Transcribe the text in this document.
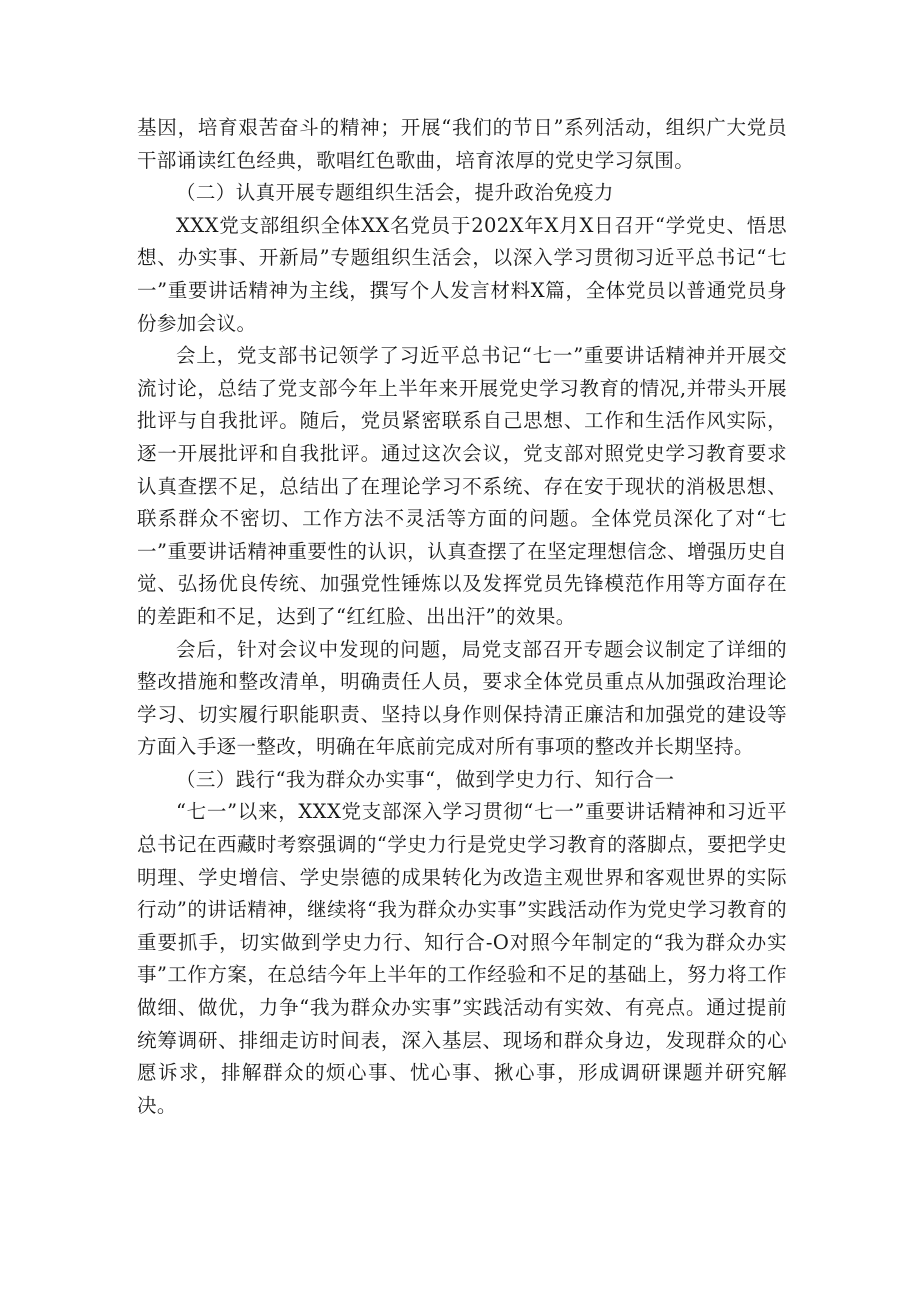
基因，培育艰苦奋斗的精神；开展“我们的节日”系列活动，组织广大党员干部诵读红色经典，歌唱红色歌曲，培育浓厚的党史学习氛围。

（二）认真开展专题组织生活会，提升政治免疫力

XXX党支部组织全体XX名党员于202X年X月X日召开“学党史、悟思想、办实事、开新局”专题组织生活会，以深入学习贯彻习近平总书记“七一”重要讲话精神为主线，撰写个人发言材料X篇，全体党员以普通党员身份参加会议。

会上，党支部书记领学了习近平总书记“七一”重要讲话精神并开展交流讨论，总结了党支部今年上半年来开展党史学习教育的情况,并带头开展批评与自我批评。随后，党员紧密联系自己思想、工作和生活作风实际，逐一开展批评和自我批评。通过这次会议，党支部对照党史学习教育要求认真查摆不足，总结出了在理论学习不系统、存在安于现状的消极思想、联系群众不密切、工作方法不灵活等方面的问题。全体党员深化了对“七一”重要讲话精神重要性的认识，认真查摆了在坚定理想信念、增强历史自觉、弘扬优良传统、加强党性锤炼以及发挥党员先锋模范作用等方面存在的差距和不足，达到了“红红脸、出出汗”的效果。

会后，针对会议中发现的问题，局党支部召开专题会议制定了详细的整改措施和整改清单，明确责任人员，要求全体党员重点从加强政治理论学习、切实履行职能职责、坚持以身作则保持清正廉洁和加强党的建设等方面入手逐一整改，明确在年底前完成对所有事项的整改并长期坚持。

（三）践行“我为群众办实事“，做到学史力行、知行合一

“七一”以来，XXX党支部深入学习贯彻“七一”重要讲话精神和习近平总书记在西藏时考察强调的“学史力行是党史学习教育的落脚点，要把学史明理、学史增信、学史崇德的成果转化为改造主观世界和客观世界的实际行动”的讲话精神，继续将“我为群众办实事”实践活动作为党史学习教育的重要抓手，切实做到学史力行、知行合-O对照今年制定的“我为群众办实事”工作方案，在总结今年上半年的工作经验和不足的基础上，努力将工作做细、做优，力争“我为群众办实事”实践活动有实效、有亮点。通过提前统筹调研、排细走访时间表，深入基层、现场和群众身边，发现群众的心愿诉求，排解群众的烦心事、忧心事、揪心事，形成调研课题并研究解决。
